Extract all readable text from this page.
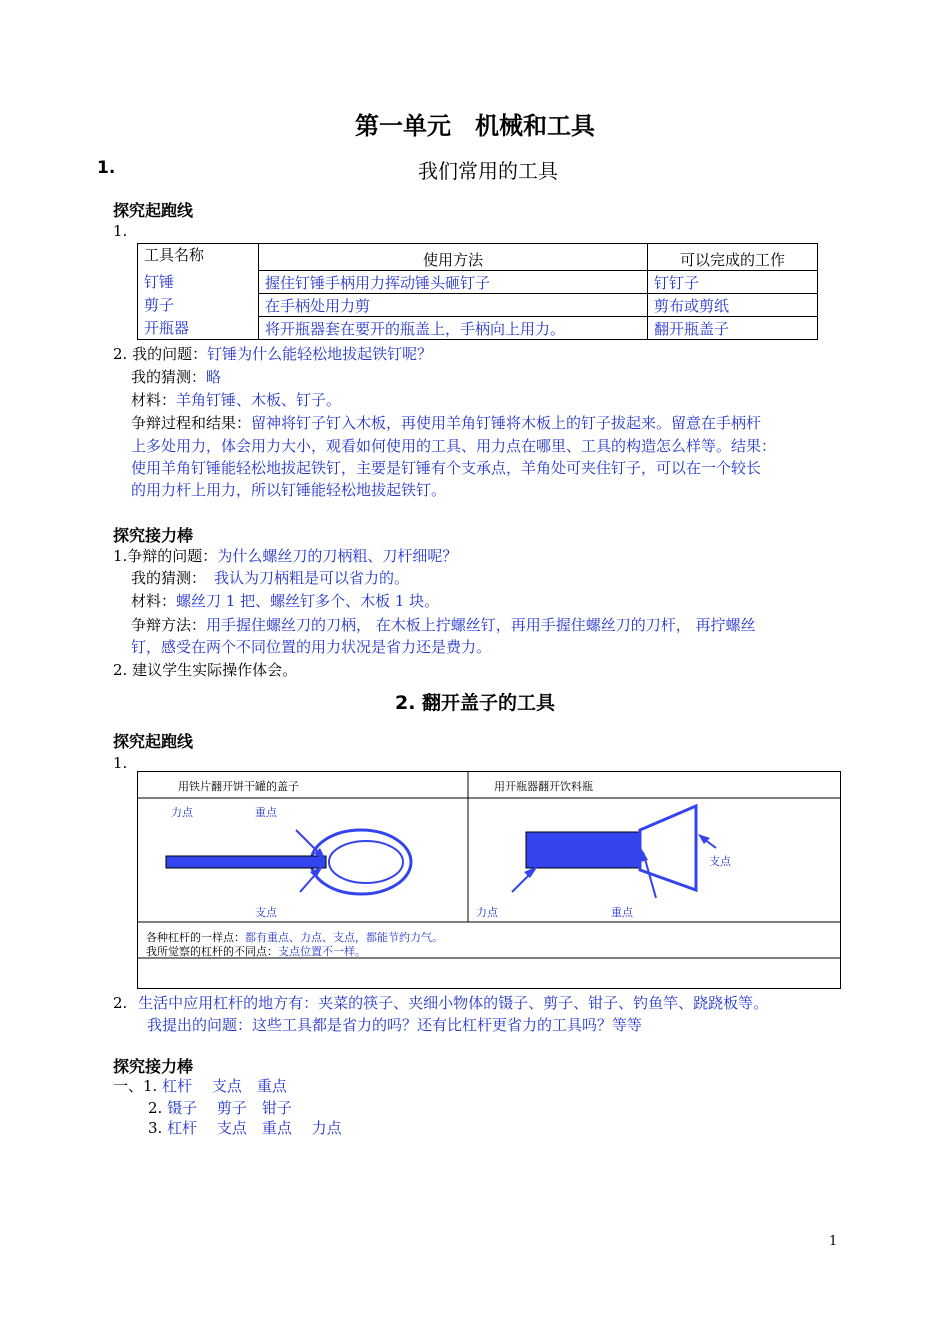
第一单元　机械和工具
1.	我们常用的工具
探究起跑线
1.
工具名称	使用方法	可以完成的工作
钉锤	握住钉锤手柄用力挥动锤头砸钉子	钉钉子
剪子	在手柄处用力剪	剪布或剪纸
开瓶器	将开瓶器套在要开的瓶盖上，手柄向上用力。	翻开瓶盖子
2. 我的问题：钉锤为什么能轻松地拔起铁钉呢？
我的猜测：略
材料：羊角钉锤、木板、钉子。
争辩过程和结果：留神将钉子钉入木板，再使用羊角钉锤将木板上的钉子拔起来。留意在手柄杆
上多处用力，体会用力大小，观看如何使用的工具、用力点在哪里、工具的构造怎么样等。结果：
使用羊角钉锤能轻松地拔起铁钉，主要是钉锤有个支承点，羊角处可夹住钉子，可以在一个较长
的用力杆上用力，所以钉锤能轻松地拔起铁钉。
探究接力棒
1.争辩的问题：为什么螺丝刀的刀柄粗、刀杆细呢？
我的猜测： 我认为刀柄粗是可以省力的。
材料：螺丝刀 1 把、螺丝钉多个、木板 1 块。
争辩方法：用手握住螺丝刀的刀柄， 在木板上拧螺丝钉，再用手握住螺丝刀的刀杆， 再拧螺丝
钉，感受在两个不同位置的用力状况是省力还是费力。
2. 建议学生实际操作体会。
2. 翻开盖子的工具
探究起跑线
1.
用铁片翻开饼干罐的盖子	用开瓶器翻开饮料瓶
力点	重点
支点
支点
力点	重点
各种杠杆的一样点：都有重点、力点、支点，都能节约力气。
我所觉察的杠杆的不同点：支点位置不一样。
2. 生活中应用杠杆的地方有：夹菜的筷子、夹细小物体的镊子、剪子、钳子、钓鱼竿、跷跷板等。
我提出的问题：这些工具都是省力的吗？还有比杠杆更省力的工具吗？等等
探究接力棒
一、1. 杠杆　 支点　重点
2. 镊子　 剪子　钳子
3. 杠杆　 支点　重点　 力点
1
